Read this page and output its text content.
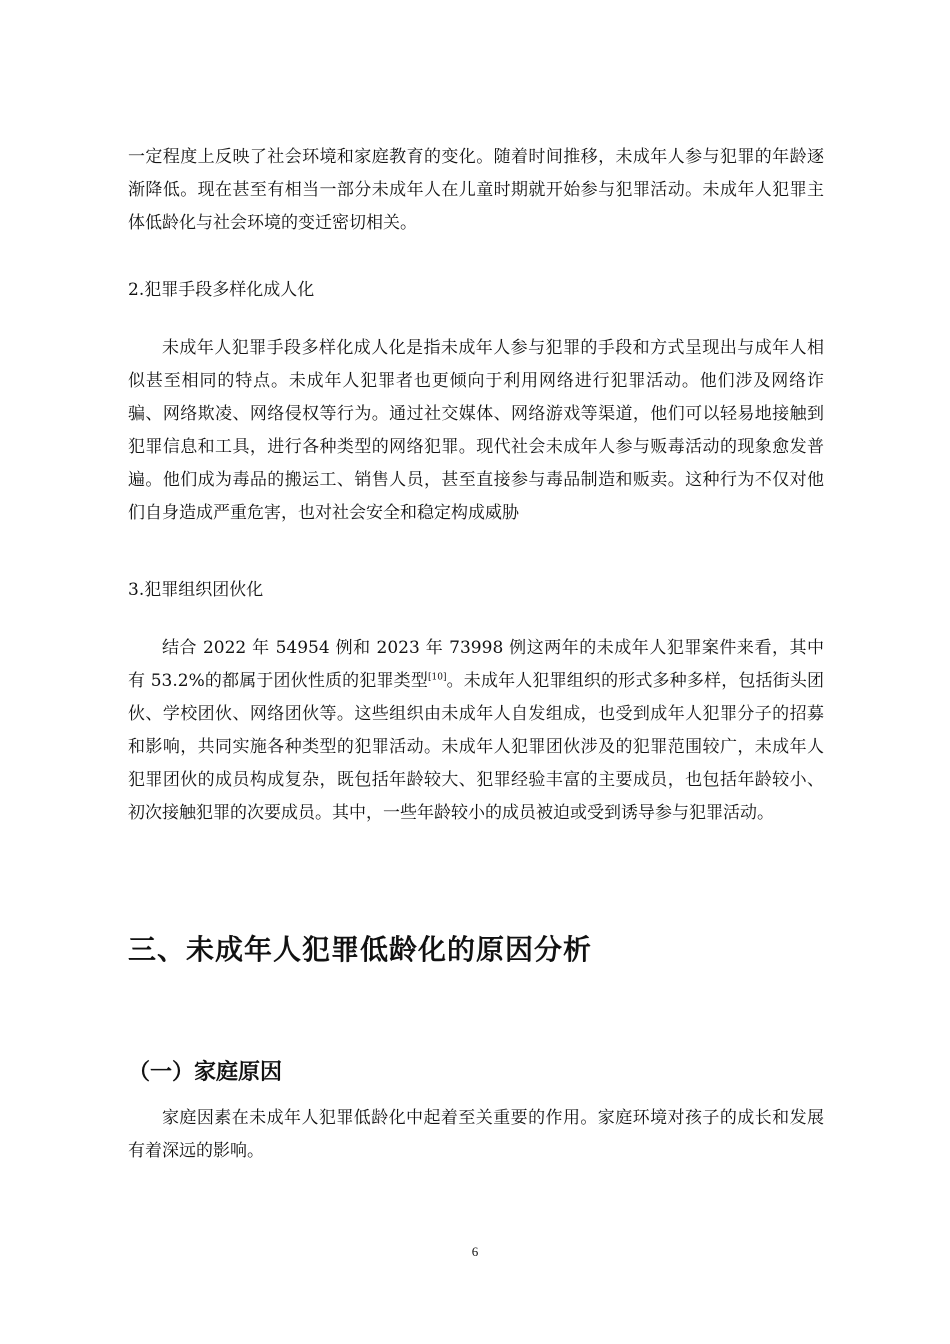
一定程度上反映了社会环境和家庭教育的变化。随着时间推移，未成年人参与犯罪的年龄逐渐降低。现在甚至有相当一部分未成年人在儿童时期就开始参与犯罪活动。未成年人犯罪主体低龄化与社会环境的变迁密切相关。

2.犯罪手段多样化成人化

未成年人犯罪手段多样化成人化是指未成年人参与犯罪的手段和方式呈现出与成年人相似甚至相同的特点。未成年人犯罪者也更倾向于利用网络进行犯罪活动。他们涉及网络诈骗、网络欺凌、网络侵权等行为。通过社交媒体、网络游戏等渠道，他们可以轻易地接触到犯罪信息和工具，进行各种类型的网络犯罪。现代社会未成年人参与贩毒活动的现象愈发普遍。他们成为毒品的搬运工、销售人员，甚至直接参与毒品制造和贩卖。这种行为不仅对他们自身造成严重危害，也对社会安全和稳定构成威胁

3.犯罪组织团伙化

结合 2022 年 54954 例和 2023 年 73998 例这两年的未成年人犯罪案件来看，其中有 53.2%的都属于团伙性质的犯罪类型[10]。未成年人犯罪组织的形式多种多样，包括街头团伙、学校团伙、网络团伙等。这些组织由未成年人自发组成，也受到成年人犯罪分子的招募和影响，共同实施各种类型的犯罪活动。未成年人犯罪团伙涉及的犯罪范围较广，未成年人犯罪团伙的成员构成复杂，既包括年龄较大、犯罪经验丰富的主要成员，也包括年龄较小、初次接触犯罪的次要成员。其中，一些年龄较小的成员被迫或受到诱导参与犯罪活动。

三、未成年人犯罪低龄化的原因分析
（一）家庭原因

家庭因素在未成年人犯罪低龄化中起着至关重要的作用。家庭环境对孩子的成长和发展有着深远的影响。

6
